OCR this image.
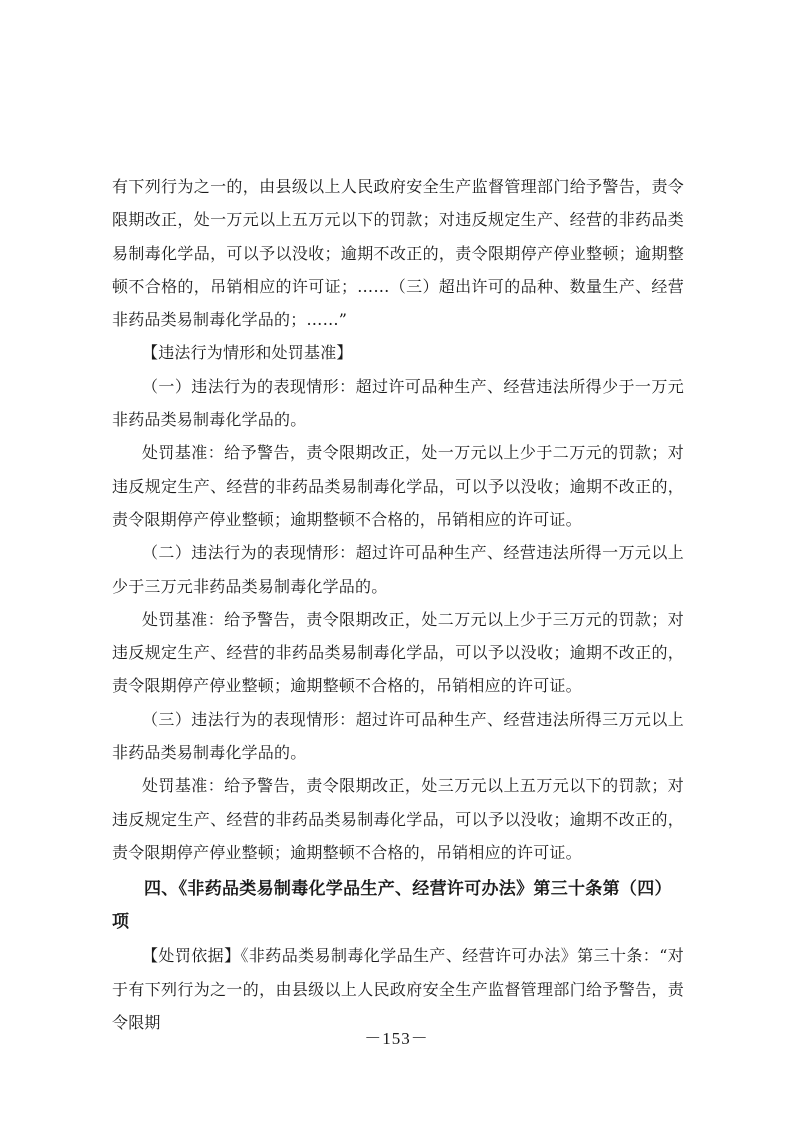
有下列行为之一的，由县级以上人民政府安全生产监督管理部门给予警告，责令限期改正，处一万元以上五万元以下的罚款；对违反规定生产、经营的非药品类易制毒化学品，可以予以没收；逾期不改正的，责令限期停产停业整顿；逾期整顿不合格的，吊销相应的许可证；……（三）超出许可的品种、数量生产、经营非药品类易制毒化学品的；……”

【违法行为情形和处罚基准】

（一）违法行为的表现情形：超过许可品种生产、经营违法所得少于一万元非药品类易制毒化学品的。

处罚基准：给予警告，责令限期改正，处一万元以上少于二万元的罚款；对违反规定生产、经营的非药品类易制毒化学品，可以予以没收；逾期不改正的，责令限期停产停业整顿；逾期整顿不合格的，吊销相应的许可证。

（二）违法行为的表现情形：超过许可品种生产、经营违法所得一万元以上少于三万元非药品类易制毒化学品的。

处罚基准：给予警告，责令限期改正，处二万元以上少于三万元的罚款；对违反规定生产、经营的非药品类易制毒化学品，可以予以没收；逾期不改正的，责令限期停产停业整顿；逾期整顿不合格的，吊销相应的许可证。

（三）违法行为的表现情形：超过许可品种生产、经营违法所得三万元以上非药品类易制毒化学品的。

处罚基准：给予警告，责令限期改正，处三万元以上五万元以下的罚款；对违反规定生产、经营的非药品类易制毒化学品，可以予以没收；逾期不改正的，责令限期停产停业整顿；逾期整顿不合格的，吊销相应的许可证。

四、《非药品类易制毒化学品生产、经营许可办法》第三十条第（四）项

【处罚依据】《非药品类易制毒化学品生产、经营许可办法》第三十条：“对于有下列行为之一的，由县级以上人民政府安全生产监督管理部门给予警告，责令限期

－153－
